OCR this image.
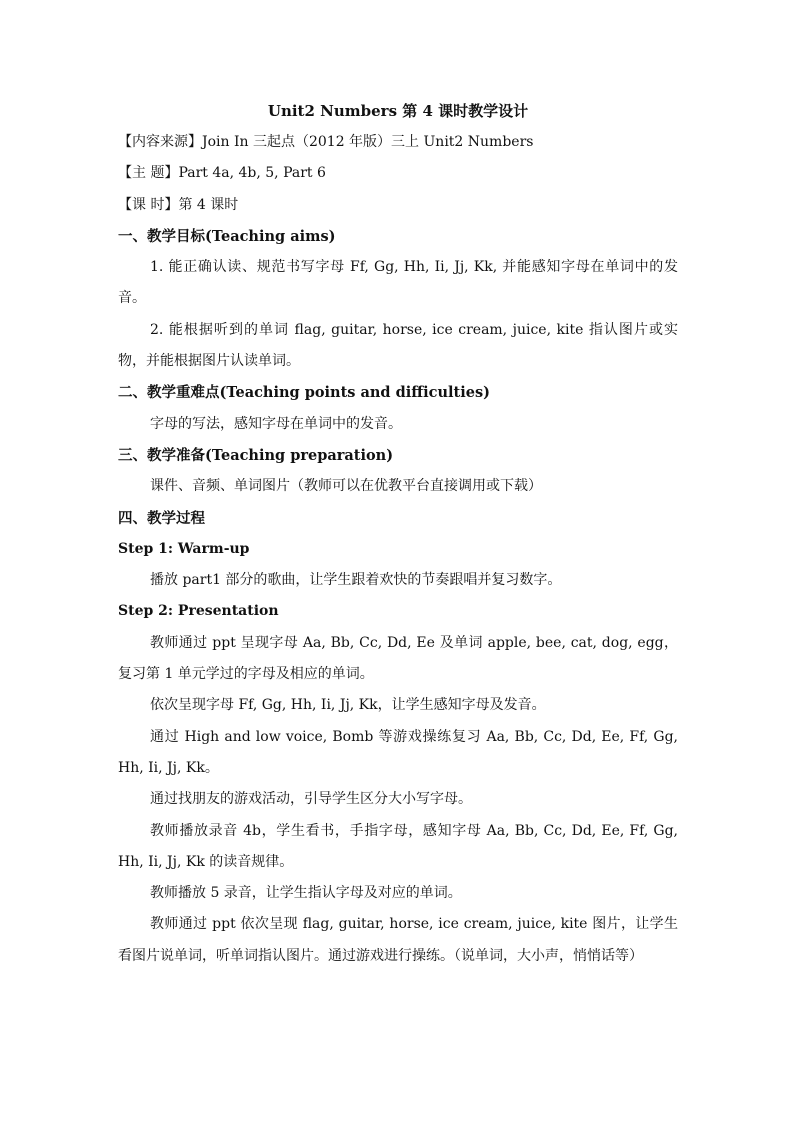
Unit2 Numbers 第 4 课时教学设计

【内容来源】Join In 三起点（2012 年版）三上 Unit2 Numbers

【主 题】Part 4a, 4b, 5, Part 6

【课 时】第 4 课时

一、教学目标(Teaching aims)

1. 能正确认读、规范书写字母 Ff, Gg, Hh, Ii, Jj, Kk, 并能感知字母在单词中的发音。

2. 能根据听到的单词 flag, guitar, horse, ice cream, juice, kite 指认图片或实物，并能根据图片认读单词。

二、教学重难点(Teaching points and difficulties)

字母的写法，感知字母在单词中的发音。

三、教学准备(Teaching preparation)

课件、音频、单词图片（教师可以在优教平台直接调用或下载）

四、教学过程

Step 1: Warm-up

播放 part1 部分的歌曲，让学生跟着欢快的节奏跟唱并复习数字。

Step 2: Presentation

教师通过 ppt 呈现字母 Aa, Bb, Cc, Dd, Ee 及单词 apple, bee, cat, dog, egg，复习第 1 单元学过的字母及相应的单词。

依次呈现字母 Ff, Gg, Hh, Ii, Jj, Kk，让学生感知字母及发音。

通过 High and low voice, Bomb 等游戏操练复习 Aa, Bb, Cc, Dd, Ee, Ff, Gg, Hh, Ii, Jj, Kk。

通过找朋友的游戏活动，引导学生区分大小写字母。

教师播放录音 4b，学生看书，手指字母，感知字母 Aa, Bb, Cc, Dd, Ee, Ff, Gg, Hh, Ii, Jj, Kk 的读音规律。

教师播放 5 录音，让学生指认字母及对应的单词。

教师通过 ppt 依次呈现 flag, guitar, horse, ice cream, juice, kite 图片，让学生看图片说单词，听单词指认图片。通过游戏进行操练。（说单词，大小声，悄悄话等）
